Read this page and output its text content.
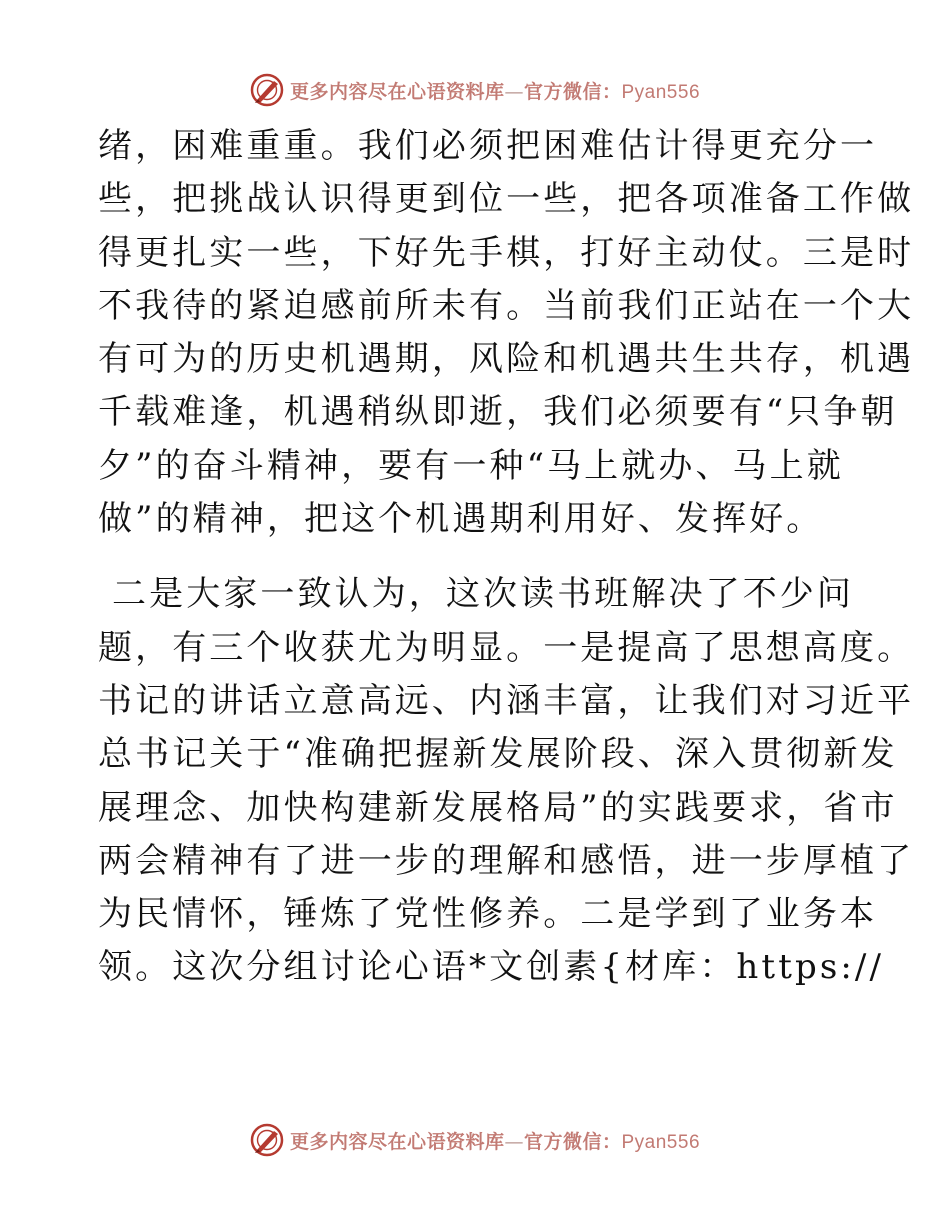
更多内容尽在心语资料库—官方微信：Pyan556
绪，困难重重。我们必须把困难估计得更充分一
些，把挑战认识得更到位一些，把各项准备工作做
得更扎实一些，下好先手棋，打好主动仗。三是时
不我待的紧迫感前所未有。当前我们正站在一个大
有可为的历史机遇期，风险和机遇共生共存，机遇
千载难逢，机遇稍纵即逝，我们必须要有“只争朝
夕”的奋斗精神，要有一种“马上就办、马上就
做”的精神，把这个机遇期利用好、发挥好。
二是大家一致认为，这次读书班解决了不少问
题，有三个收获尤为明显。一是提高了思想高度。
书记的讲话立意高远、内涵丰富，让我们对习近平
总书记关于“准确把握新发展阶段、深入贯彻新发
展理念、加快构建新发展格局”的实践要求，省市
两会精神有了进一步的理解和感悟，进一步厚植了
为民情怀，锤炼了党性修养。二是学到了业务本
领。这次分组讨论心语*文创素{材库：https://
更多内容尽在心语资料库—官方微信：Pyan556
